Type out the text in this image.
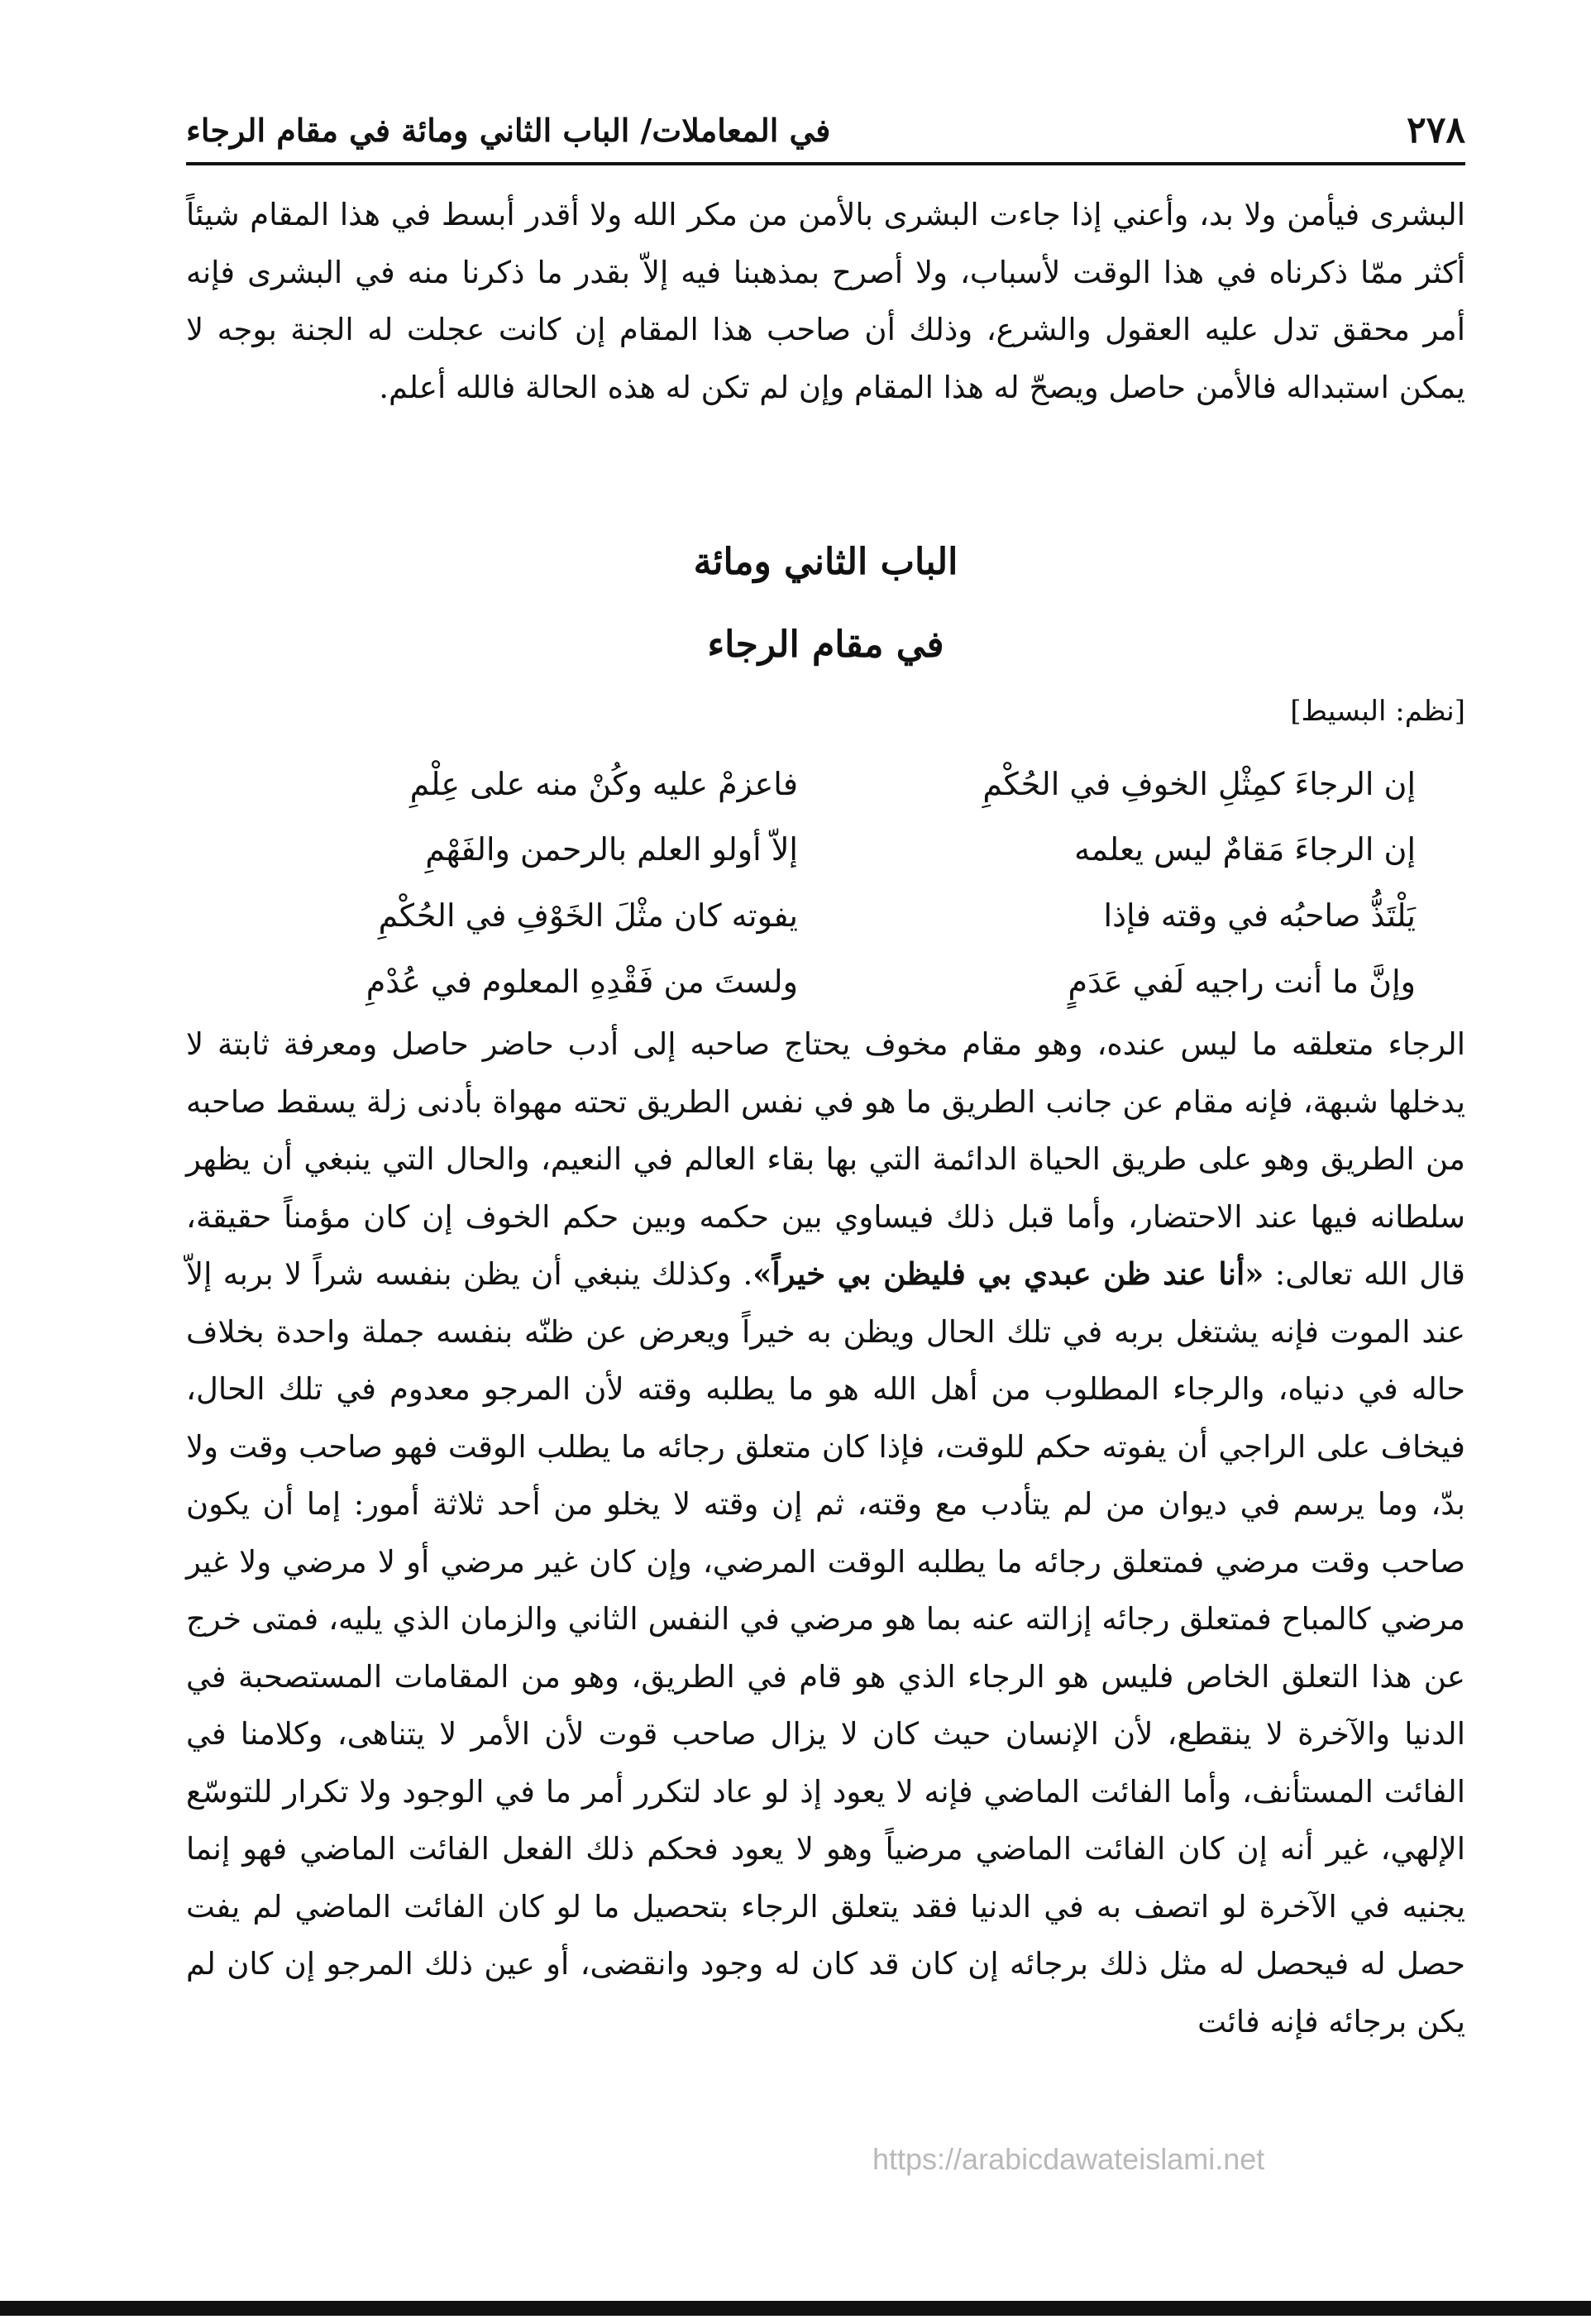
٢٧٨
في المعاملات/ الباب الثاني ومائة في مقام الرجاء

البشرى فيأمن ولا بد، وأعني إذا جاءت البشرى بالأمن من مكر الله ولا أقدر أبسط في هذا المقام شيئاً أكثر ممّا ذكرناه في هذا الوقت لأسباب، ولا أصرح بمذهبنا فيه إلاّ بقدر ما ذكرنا منه في البشرى فإنه أمر محقق تدل عليه العقول والشرع، وذلك أن صاحب هذا المقام إن كانت عجلت له الجنة بوجه لا يمكن استبداله فالأمن حاصل ويصحّ له هذا المقام وإن لم تكن له هذه الحالة فالله أعلم.

الباب الثاني ومائة
في مقام الرجاء
[نظم: البسيط]
إن الرجاءَ كمِثْلِ الخوفِ في الحُكْمِ
فاعزمْ عليه وكُنْ منه على عِلْمِ
إن الرجاءَ مَقامٌ ليس يعلمه
إلاّ أولو العلم بالرحمن والفَهْمِ
يَلْتَذُّ صاحبُه في وقته فإذا
يفوته كان مثْلَ الخَوْفِ في الحُكْمِ
وإنَّ ما أنت راجيه لَفي عَدَمٍ
ولستَ من فَقْدِهِ المعلوم في عُدْمِ

الرجاء متعلقه ما ليس عنده، وهو مقام مخوف يحتاج صاحبه إلى أدب حاضر حاصل ومعرفة ثابتة لا يدخلها شبهة، فإنه مقام عن جانب الطريق ما هو في نفس الطريق تحته مهواة بأدنى زلة يسقط صاحبه من الطريق وهو على طريق الحياة الدائمة التي بها بقاء العالم في النعيم، والحال التي ينبغي أن يظهر سلطانه فيها عند الاحتضار، وأما قبل ذلك فيساوي بين حكمه وبين حكم الخوف إن كان مؤمناً حقيقة، قال الله تعالى: «أنا عند ظن عبدي بي فليظن بي خيراً». وكذلك ينبغي أن يظن بنفسه شراً لا بربه إلاّ عند الموت فإنه يشتغل بربه في تلك الحال ويظن به خيراً ويعرض عن ظنّه بنفسه جملة واحدة بخلاف حاله في دنياه، والرجاء المطلوب من أهل الله هو ما يطلبه وقته لأن المرجو معدوم في تلك الحال، فيخاف على الراجي أن يفوته حكم للوقت، فإذا كان متعلق رجائه ما يطلب الوقت فهو صاحب وقت ولا بدّ، وما يرسم في ديوان من لم يتأدب مع وقته، ثم إن وقته لا يخلو من أحد ثلاثة أمور: إما أن يكون صاحب وقت مرضي فمتعلق رجائه ما يطلبه الوقت المرضي، وإن كان غير مرضي أو لا مرضي ولا غير مرضي كالمباح فمتعلق رجائه إزالته عنه بما هو مرضي في النفس الثاني والزمان الذي يليه، فمتى خرج عن هذا التعلق الخاص فليس هو الرجاء الذي هو قام في الطريق، وهو من المقامات المستصحبة في الدنيا والآخرة لا ينقطع، لأن الإنسان حيث كان لا يزال صاحب قوت لأن الأمر لا يتناهى، وكلامنا في الفائت المستأنف، وأما الفائت الماضي فإنه لا يعود إذ لو عاد لتكرر أمر ما في الوجود ولا تكرار للتوسّع الإلهي، غير أنه إن كان الفائت الماضي مرضياً وهو لا يعود فحكم ذلك الفعل الفائت الماضي فهو إنما يجنيه في الآخرة لو اتصف به في الدنيا فقد يتعلق الرجاء بتحصيل ما لو كان الفائت الماضي لم يفت حصل له فيحصل له مثل ذلك برجائه إن كان قد كان له وجود وانقضى، أو عين ذلك المرجو إن كان لم يكن برجائه فإنه فائت

https://arabicdawateislami.net
